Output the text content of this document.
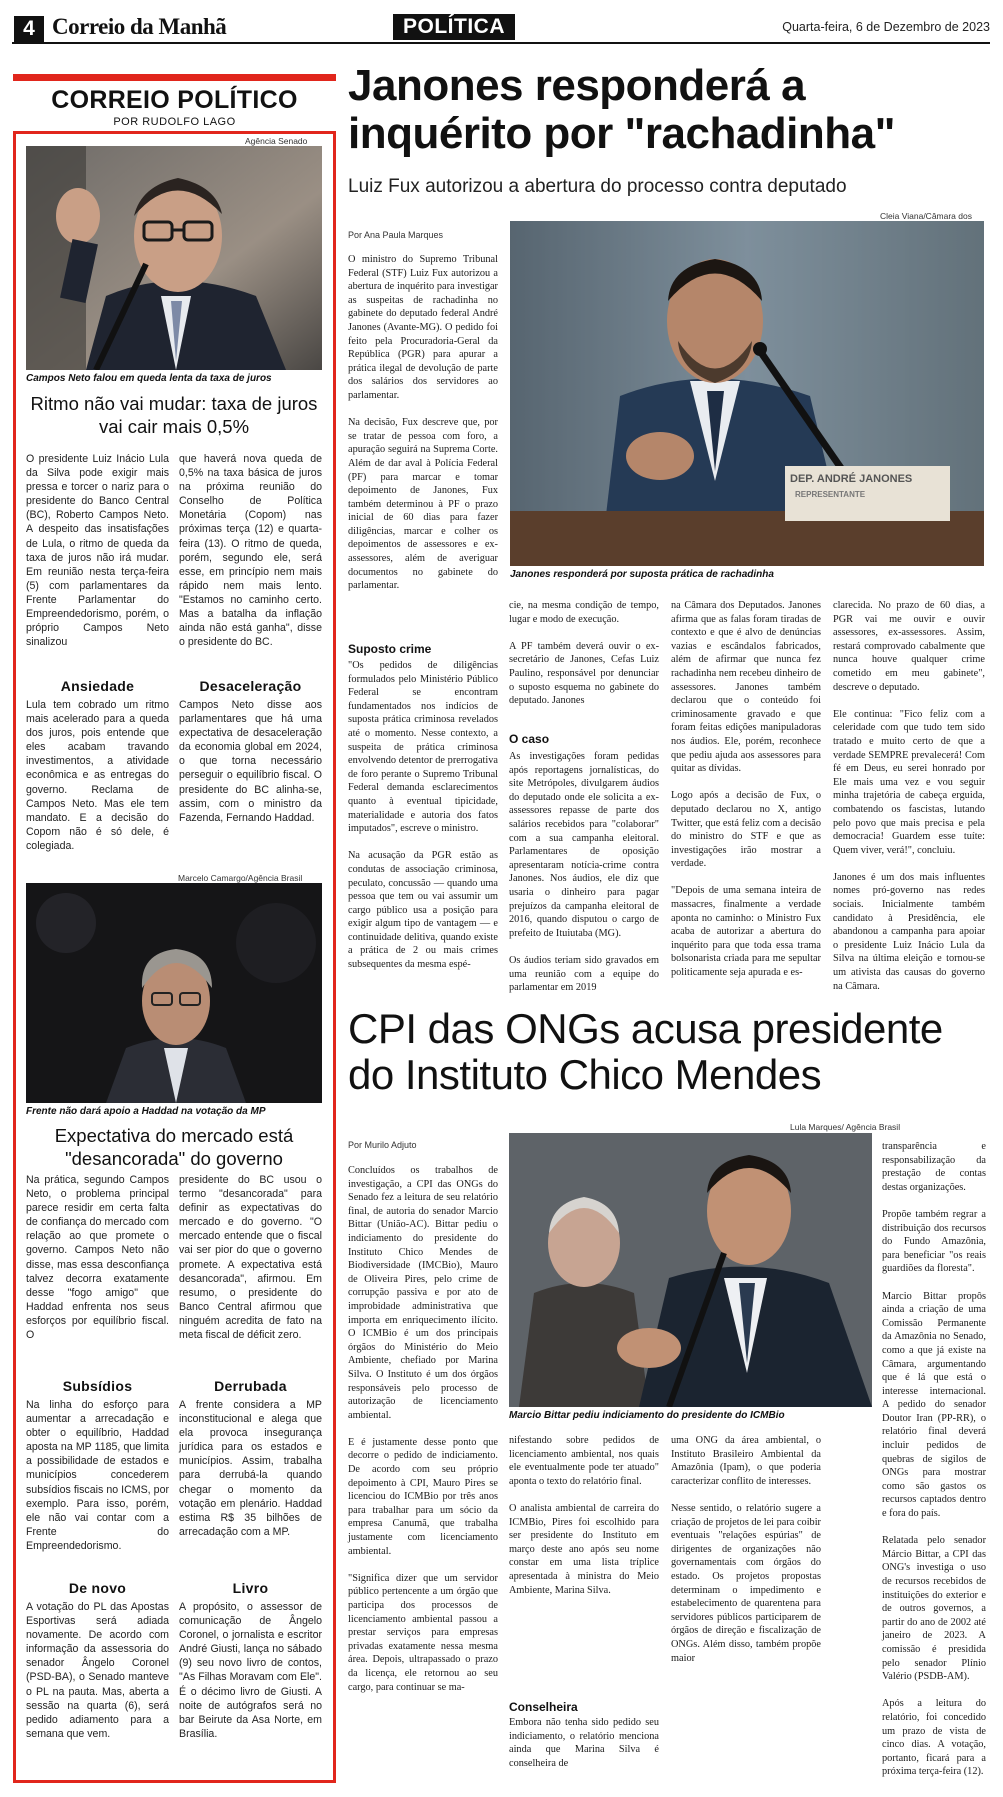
4 Correio da Manhã	POLÍTICA	Quarta-feira, 6 de Dezembro de 2023
CORREIO POLÍTICO
POR RUDOLFO LAGO
Agência Senado
Campos Neto falou em queda lenta da taxa de juros
Ritmo não vai mudar: taxa de juros vai cair mais 0,5%
O presidente Luiz Inácio Lula da Silva pode exigir mais pressa e torcer o nariz para o presidente do Banco Central (BC), Roberto Campos Neto. A despeito das insatisfações de Lula, o ritmo de queda da taxa de juros não irá mudar. Em reunião nesta terça-feira (5) com parlamentares da Frente Parlamentar do Empreendedorismo, porém, o próprio Campos Neto sinalizou
que haverá nova queda de 0,5% na taxa básica de juros na próxima reunião do Conselho de Política Monetária (Copom) nas próximas terça (12) e quarta-feira (13). O ritmo de queda, porém, segundo ele, será esse, em princípio nem mais rápido nem mais lento. "Estamos no caminho certo. Mas a batalha da inflação ainda não está ganha", disse o presidente do BC.
Ansiedade
Lula tem cobrado um ritmo mais acelerado para a queda dos juros, pois entende que eles acabam travando investimentos, a atividade econômica e as entregas do governo. Reclama de Campos Neto. Mas ele tem mandato. E a decisão do Copom não é só dele, é colegiada.
Desaceleração
Campos Neto disse aos parlamentares que há uma expectativa de desaceleração da economia global em 2024, o que torna necessário perseguir o equilíbrio fiscal. O presidente do BC alinha-se, assim, com o ministro da Fazenda, Fernando Haddad.
Marcelo Camargo/Agência Brasil
Frente não dará apoio a Haddad na votação da MP
Expectativa do mercado está "desancorada" do governo
Na prática, segundo Campos Neto, o problema principal parece residir em certa falta de confiança do mercado com relação ao que promete o governo. Campos Neto não disse, mas essa desconfiança talvez decorra exatamente desse "fogo amigo" que Haddad enfrenta nos seus esforços por equilíbrio fiscal. O
presidente do BC usou o termo "desancorada" para definir as expectativas do mercado e do governo. "O mercado entende que o fiscal vai ser pior do que o governo promete. A expectativa está desancorada", afirmou. Em resumo, o presidente do Banco Central afirmou que ninguém acredita de fato na meta fiscal de déficit zero.
Subsídios
Na linha do esforço para aumentar a arrecadação e obter o equilíbrio, Haddad aposta na MP 1185, que limita a possibilidade de estados e municípios concederem subsídios fiscais no ICMS, por exemplo. Para isso, porém, ele não vai contar com a Frente do Empreendedorismo.
Derrubada
A frente considera a MP inconstitucional e alega que ela provoca insegurança jurídica para os estados e municípios. Assim, trabalha para derrubá-la quando chegar o momento da votação em plenário. Haddad estima R$ 35 bilhões de arrecadação com a MP.
De novo
A votação do PL das Apostas Esportivas será adiada novamente. De acordo com informação da assessoria do senador Ângelo Coronel (PSD-BA), o Senado manteve o PL na pauta. Mas, aberta a sessão na quarta (6), será pedido adiamento para a semana que vem.
Livro
A propósito, o assessor de comunicação de Ângelo Coronel, o jornalista e escritor André Giusti, lança no sábado (9) seu novo livro de contos, "As Filhas Moravam com Ele". É o décimo livro de Giusti. A noite de autógrafos será no bar Beirute da Asa Norte, em Brasília.
Janones responderá a inquérito por "rachadinha"
Luiz Fux autorizou a abertura do processo contra deputado
Cleia Viana/Câmara dos
Por Ana Paula Marques
DEP. ANDRÉ JANONES
REPRESENTANTE
Janones responderá por suposta prática de rachadinha
O ministro do Supremo Tribunal Federal (STF) Luiz Fux autorizou a abertura de inquérito para investigar as suspeitas de rachadinha no gabinete do deputado federal André Janones (Avante-MG). O pedido foi feito pela Procuradoria-Geral da República (PGR) para apurar a prática ilegal de devolução de parte dos salários dos servidores ao parlamentar.

Na decisão, Fux descreve que, por se tratar de pessoa com foro, a apuração seguirá na Suprema Corte. Além de dar aval à Polícia Federal (PF) para marcar e tomar depoimento de Janones, Fux também determinou à PF o prazo inicial de 60 dias para fazer diligências, marcar e colher os depoimentos de assessores e ex-assessores, além de averiguar documentos no gabinete do parlamentar.
Suposto crime
"Os pedidos de diligências formulados pelo Ministério Público Federal se encontram fundamentados nos indícios de suposta prática criminosa revelados até o momento. Nesse contexto, a suspeita de prática criminosa envolvendo detentor de prerrogativa de foro perante o Supremo Tribunal Federal demanda esclarecimentos quanto à eventual tipicidade, materialidade e autoria dos fatos imputados", escreve o ministro.

Na acusação da PGR estão as condutas de associação criminosa, peculato, concussão — quando uma pessoa que tem ou vai assumir um cargo público usa a posição para exigir algum tipo de vantagem — e continuidade delitiva, quando existe a prática de 2 ou mais crimes subsequentes da mesma espé-
cie, na mesma condição de tempo, lugar e modo de execução.

A PF também deverá ouvir o ex-secretário de Janones, Cefas Luiz Paulino, responsável por denunciar o suposto esquema no gabinete do deputado. Janones
O caso
As investigações foram pedidas após reportagens jornalísticas, do site Metrópoles, divulgarem áudios do deputado onde ele solicita a ex-assessores repasse de parte dos salários recebidos para "colaborar" com a sua campanha eleitoral. Parlamentares de oposição apresentaram notícia-crime contra Janones. Nos áudios, ele diz que usaria o dinheiro para pagar prejuízos da campanha eleitoral de 2016, quando disputou o cargo de prefeito de Ituiutaba (MG).

Os áudios teriam sido gravados em uma reunião com a equipe do parlamentar em 2019
na Câmara dos Deputados. Janones afirma que as falas foram tiradas de contexto e que é alvo de denúncias vazias e escândalos fabricados, além de afirmar que nunca fez rachadinha nem recebeu dinheiro de assessores. Janones também declarou que o conteúdo foi criminosamente gravado e que foram feitas edições manipuladoras nos áudios. Ele, porém, reconhece que pediu ajuda aos assessores para quitar as dívidas.

Logo após a decisão de Fux, o deputado declarou no X, antigo Twitter, que está feliz com a decisão do ministro do STF e que as investigações irão mostrar a verdade.

"Depois de uma semana inteira de massacres, finalmente a verdade aponta no caminho: o Ministro Fux acaba de autorizar a abertura do inquérito para que toda essa trama bolsonarista criada para me sepultar politicamente seja apurada e es-
clarecida. No prazo de 60 dias, a PGR vai me ouvir e ouvir assessores, ex-assessores. Assim, restará comprovado cabalmente que nunca houve qualquer crime cometido em meu gabinete", descreve o deputado.

Ele continua: "Fico feliz com a celeridade com que tudo tem sido tratado e muito certo de que a verdade SEMPRE prevalecerá! Com fé em Deus, eu serei honrado por Ele mais uma vez e vou seguir minha trajetória de cabeça erguida, combatendo os fascistas, lutando pelo povo que mais precisa e pela democracia! Guardem esse tuíte: Quem viver, verá!", concluiu.

Janones é um dos mais influentes nomes pró-governo nas redes sociais. Inicialmente também candidato à Presidência, ele abandonou a campanha para apoiar o presidente Luiz Inácio Lula da Silva na última eleição e tornou-se um ativista das causas do governo na Câmara.
CPI das ONGs acusa presidente do Instituto Chico Mendes
Lula Marques/ Agência Brasil
Por Murilo Adjuto
Marcio Bittar pediu indiciamento do presidente do ICMBio
Concluídos os trabalhos de investigação, a CPI das ONGs do Senado fez a leitura de seu relatório final, de autoria do senador Marcio Bittar (União-AC). Bittar pediu o indiciamento do presidente do Instituto Chico Mendes de Biodiversidade (IMCBio), Mauro de Oliveira Pires, pelo crime de corrupção passiva e por ato de improbidade administrativa que importa em enriquecimento ilícito. O ICMBio é um dos principais órgãos do Ministério do Meio Ambiente, chefiado por Marina Silva. O Instituto é um dos órgãos responsáveis pelo processo de autorização de licenciamento ambiental.

E é justamente desse ponto que decorre o pedido de indiciamento. De acordo com seu próprio depoimento à CPI, Mauro Pires se licenciou do ICMBio por três anos para trabalhar para um sócio da empresa Canumã, que trabalha justamente com licenciamento ambiental.

"Significa dizer que um servidor público pertencente a um órgão que participa dos processos de licenciamento ambiental passou a prestar serviços para empresas privadas exatamente nessa mesma área. Depois, ultrapassado o prazo da licença, ele retornou ao seu cargo, para continuar se ma-
nifestando sobre pedidos de licenciamento ambiental, nos quais ele eventualmente pode ter atuado" aponta o texto do relatório final.

O analista ambiental de carreira do ICMBio, Pires foi escolhido para ser presidente do Instituto em março deste ano após seu nome constar em uma lista tríplice apresentada à ministra do Meio Ambiente, Marina Silva.
Conselheira
Embora não tenha sido pedido seu indiciamento, o relatório menciona ainda que Marina Silva é conselheira de
uma ONG da área ambiental, o Instituto Brasileiro Ambiental da Amazônia (Ipam), o que poderia caracterizar conflito de interesses.

Nesse sentido, o relatório sugere a criação de projetos de lei para coibir eventuais "relações espúrias" de dirigentes de organizações não governamentais com órgãos do estado. Os projetos propostas determinam o impedimento e estabelecimento de quarentena para servidores públicos participarem de órgãos de direção e fiscalização de ONGs. Além disso, também propõe maior
transparência e responsabilização da prestação de contas destas organizações.

Propõe também regrar a distribuição dos recursos do Fundo Amazônia, para beneficiar "os reais guardiões da floresta".

Marcio Bittar propôs ainda a criação de uma Comissão Permanente da Amazônia no Senado, como a que já existe na Câmara, argumentando que é lá que está o interesse internacional. A pedido do senador Doutor Iran (PP-RR), o relatório final deverá incluir pedidos de quebras de sigilos de ONGs para mostrar como são gastos os recursos captados dentro e fora do país.

Relatada pelo senador Márcio Bittar, a CPI das ONG's investiga o uso de recursos recebidos de instituições do exterior e de outros governos, a partir do ano de 2002 até janeiro de 2023. A comissão é presidida pelo senador Plínio Valério (PSDB-AM).

Após a leitura do relatório, foi concedido um prazo de vista de cinco dias. A votação, portanto, ficará para a próxima terça-feira (12).
